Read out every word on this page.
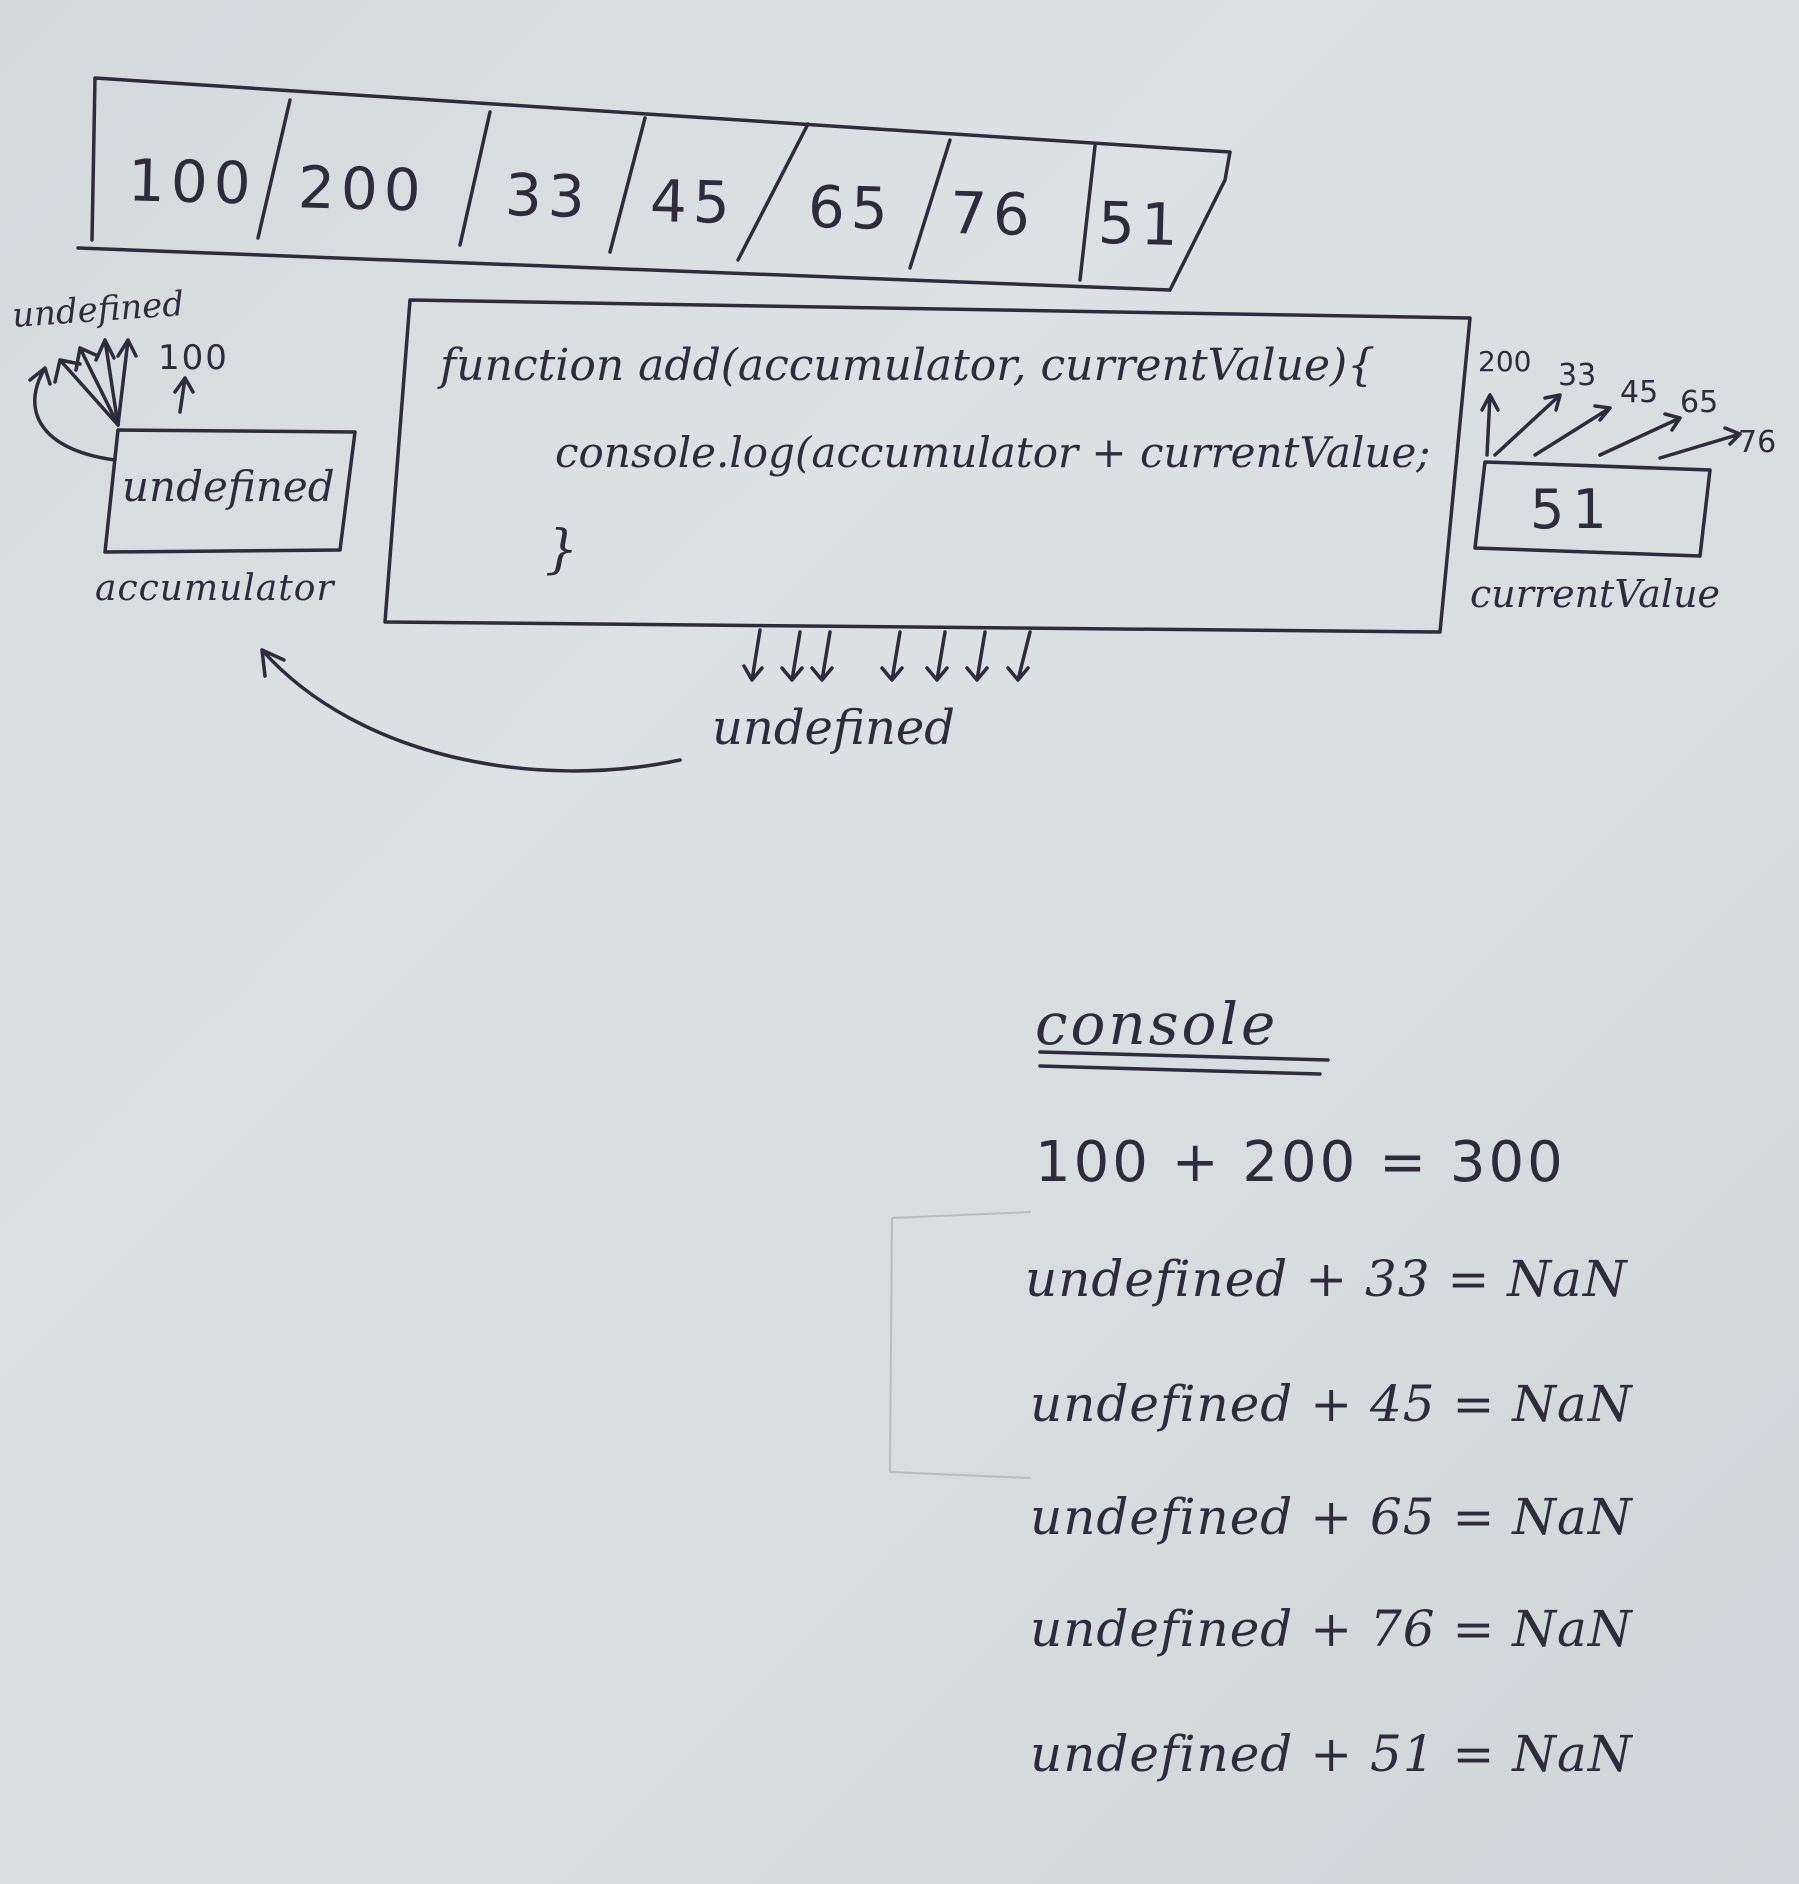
100 200 33 45 65 76 51
undefined
100
undefined
accumulator
function add(accumulator, currentValue){
console.log(accumulator + currentValue;
}
undefined
200 33 45 65
76
51
currentValue
console
100 + 200 = 300
undefined + 33 = NaN
undefined + 45 = NaN
undefined + 65 = NaN
undefined + 76 = NaN
undefined + 51 = NaN
